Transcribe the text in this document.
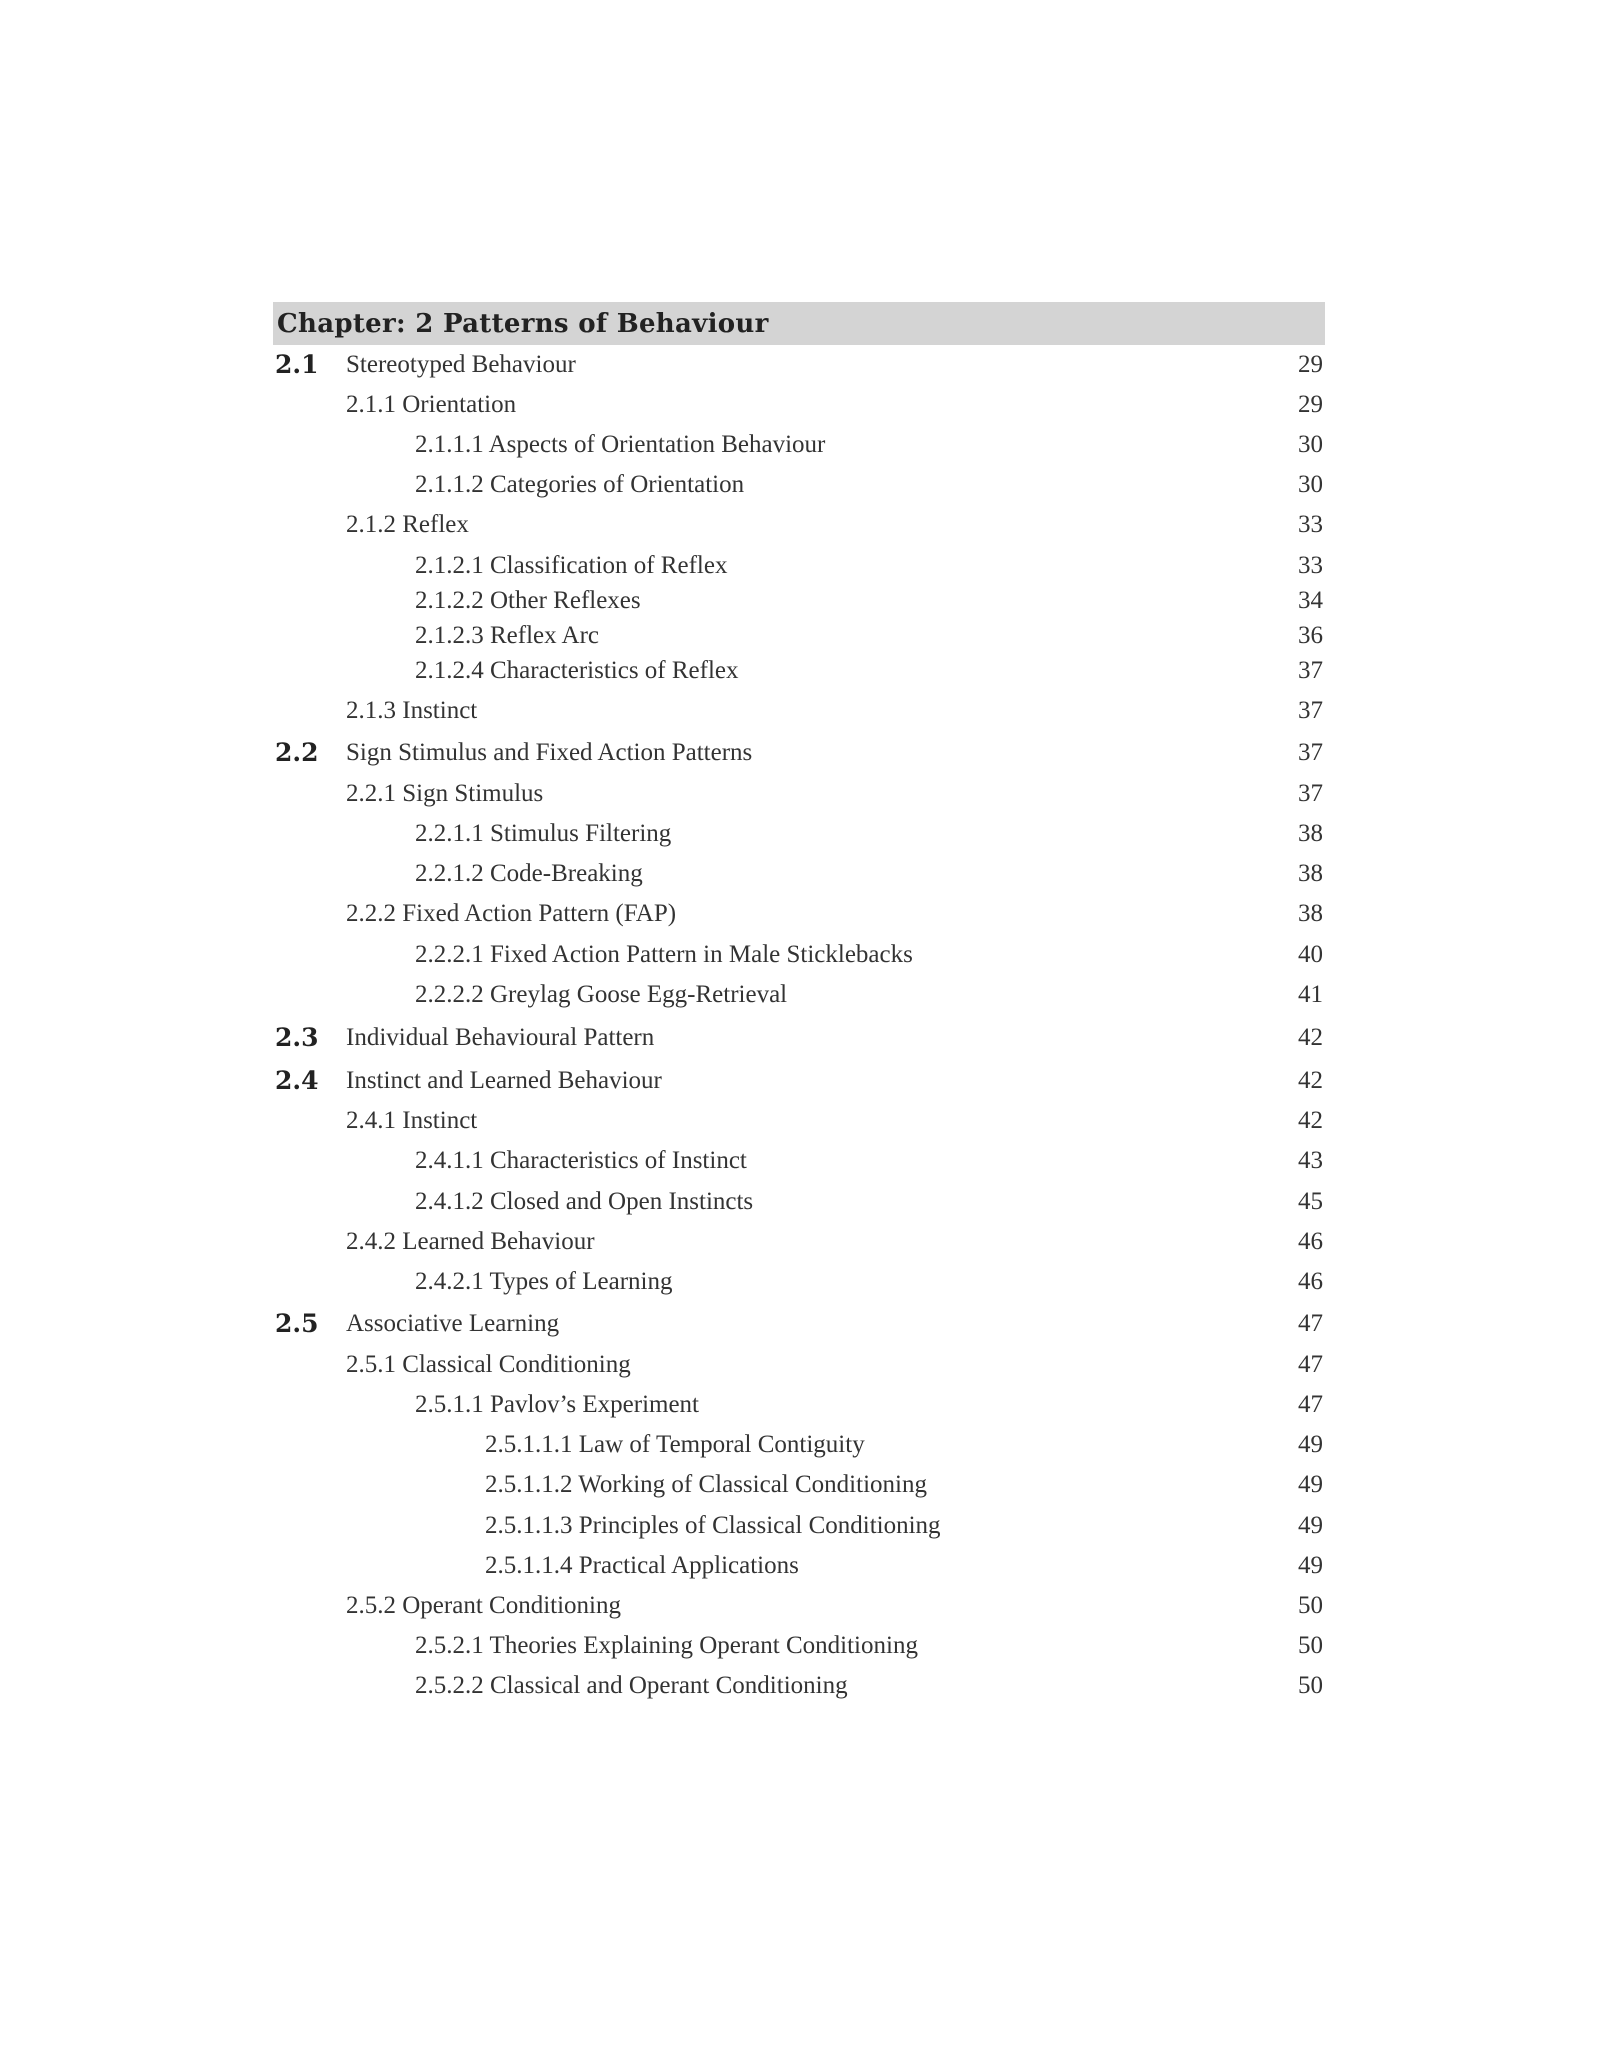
Chapter: 2 Patterns of Behaviour
2.1 Stereotyped Behaviour	29
2.1.1 Orientation	29
2.1.1.1 Aspects of Orientation Behaviour	30
2.1.1.2 Categories of Orientation	30
2.1.2 Reflex	33
2.1.2.1 Classification of Reflex	33
2.1.2.2 Other Reflexes	34
2.1.2.3 Reflex Arc	36
2.1.2.4 Characteristics of Reflex	37
2.1.3 Instinct	37
2.2 Sign Stimulus and Fixed Action Patterns	37
2.2.1 Sign Stimulus	37
2.2.1.1 Stimulus Filtering	38
2.2.1.2 Code-Breaking	38
2.2.2 Fixed Action Pattern (FAP)	38
2.2.2.1 Fixed Action Pattern in Male Sticklebacks	40
2.2.2.2 Greylag Goose Egg-Retrieval	41
2.3 Individual Behavioural Pattern	42
2.4 Instinct and Learned Behaviour	42
2.4.1 Instinct	42
2.4.1.1 Characteristics of Instinct	43
2.4.1.2 Closed and Open Instincts	45
2.4.2 Learned Behaviour	46
2.4.2.1 Types of Learning	46
2.5 Associative Learning	47
2.5.1 Classical Conditioning	47
2.5.1.1 Pavlov’s Experiment	47
2.5.1.1.1 Law of Temporal Contiguity	49
2.5.1.1.2 Working of Classical Conditioning	49
2.5.1.1.3 Principles of Classical Conditioning	49
2.5.1.1.4 Practical Applications	49
2.5.2 Operant Conditioning	50
2.5.2.1 Theories Explaining Operant Conditioning	50
2.5.2.2 Classical and Operant Conditioning	50
